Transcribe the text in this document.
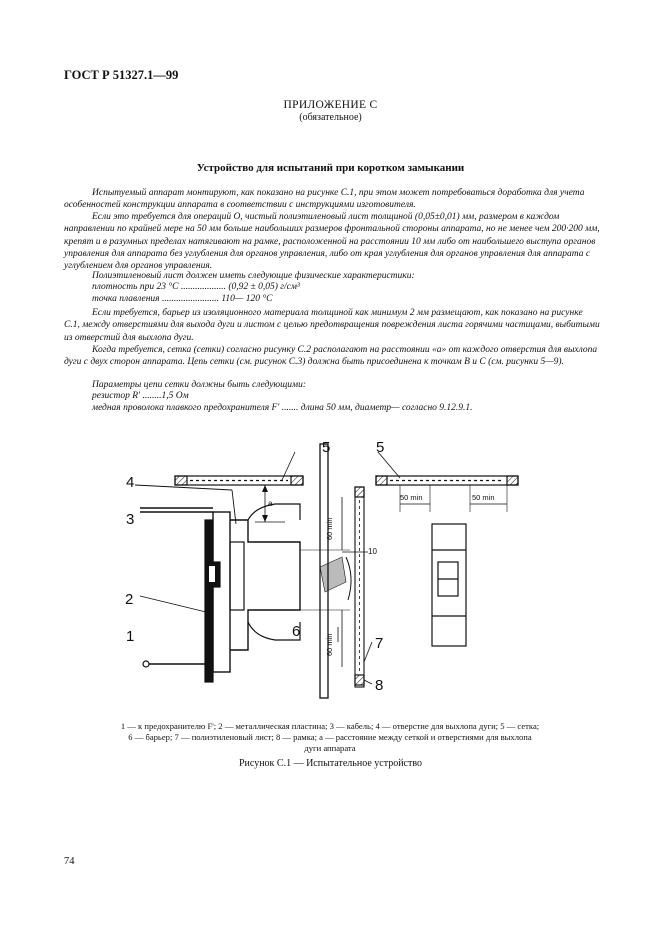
ГОСТ Р 51327.1—99
ПРИЛОЖЕНИЕ С
(обязательное)
Устройство для испытаний при коротком замыкании

Испытуемый аппарат монтируют, как показано на рисунке С.1, при этом может потребоваться доработка для учета особенностей конструкции аппарата в соответствии с инструкциями изготовителя.

Если это требуется для операций О, чистый полиэтиленовый лист толщиной (0,05±0,01) мм, размером в каждом направлении по крайней мере на 50 мм больше наибольших размеров фронтальной стороны аппарата, но не менее чем 200·200 мм, крепят и в разумных пределах натягивают на рамке, расположенной на расстоянии 10 мм либо от наибольшего выступа органов управления для аппарата без углубления для органов управления, либо от края углубления для органов управления для аппарата с углублением для органов управления.

Полиэтиленовый лист должен иметь следующие физические характеристики:

плотность при 23 °C ................... (0,92 ± 0,05) г/см³

точка плавления ........................ 110— 120 °C

Если требуется, барьер из изоляционного материала толщиной как минимум 2 мм размещают, как показано на рисунке С.1, между отверстиями для выхода дуги и листом с целью предотвращения повреждения листа горячими частицами, выбитыми из отверстий для выхлопа дуги.

Когда требуется, сетка (сетки) согласно рисунку С.2 располагают на расстоянии «а» от каждого отверстия для выхлопа дуги с двух сторон аппарата. Цепь сетки (см. рисунок С.3) должна быть присоединена к точкам В и С (см. рисунки 5—9).

Параметры цепи сетки должны быть следующими:

резистор R' ........1,5 Ом

медная проволока плавкого предохранителя F' ....... длина 50 мм, диаметр— согласно 9.12.9.1.

a
60 min
60 min
10
50 min	50 min
1
2
3
4
5	5
6
7
8
1 — к предохранителю F'; 2 — металлическая пластина; 3 — кабель; 4 — отверстие для выхлопа дуги; 5 — сетка; 6 — барьер; 7 — полиэтиленовый лист; 8 — рамка; а — расстояние между сеткой и отверстиями для выхлопа дуги аппарата
Рисунок С.1 — Испытательное устройство
74
